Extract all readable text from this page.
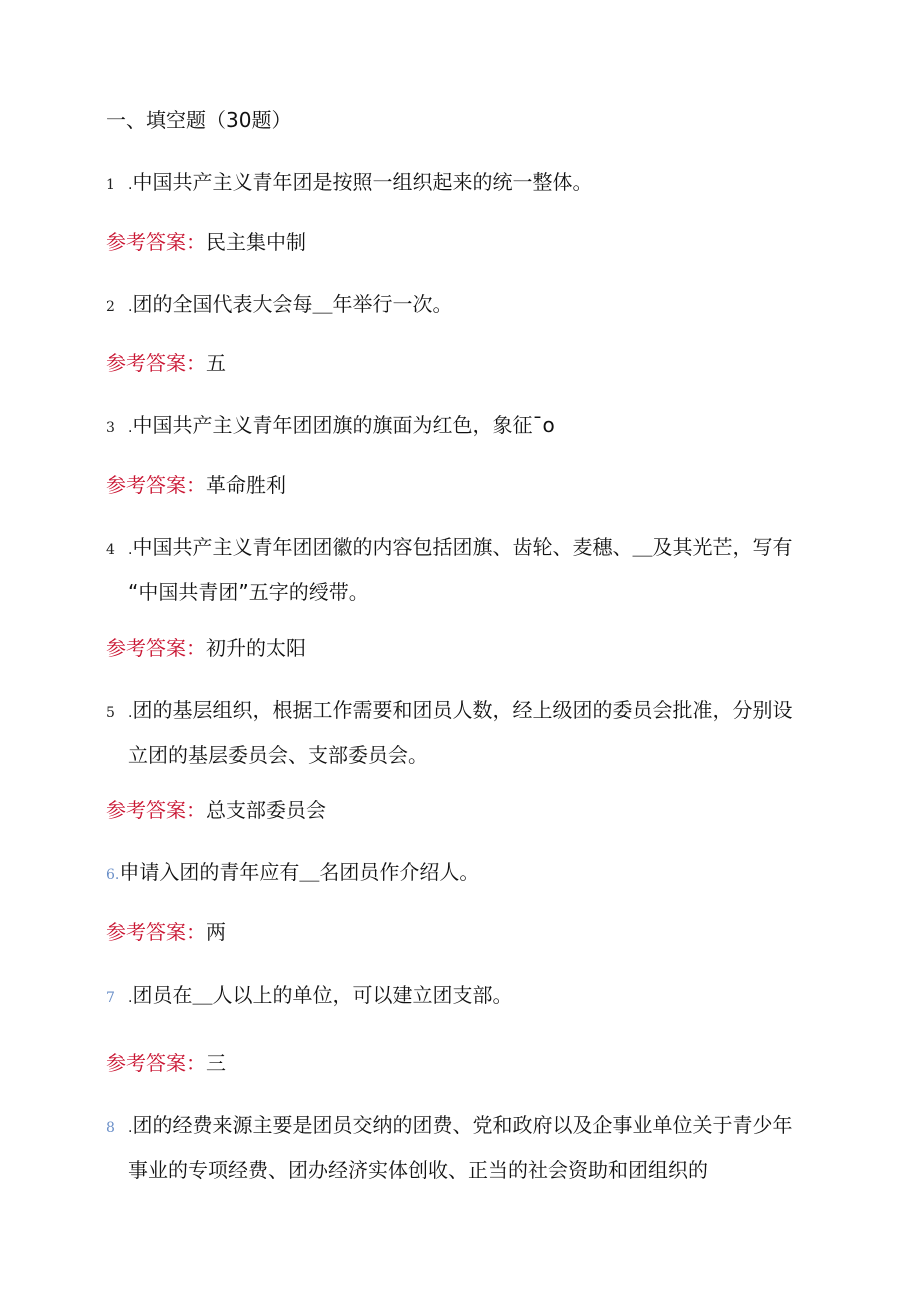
一、填空题（30题）
1 .中国共产主义青年团是按照一组织起来的统一整体。
参考答案：民主集中制
2 .团的全国代表大会每＿年举行一次。
参考答案：五
3 .中国共产主义青年团团旗的旗面为红色，象征ˉo
参考答案：革命胜利
4 .中国共产主义青年团团徽的内容包括团旗、齿轮、麦穗、＿及其光芒，写有
“中国共青团”五字的绶带。
参考答案：初升的太阳
5 .团的基层组织，根据工作需要和团员人数，经上级团的委员会批准，分别设
立团的基层委员会、支部委员会。
参考答案：总支部委员会
6.申请入团的青年应有＿名团员作介绍人。
参考答案：两
7 .团员在＿人以上的单位，可以建立团支部。
参考答案：三
8 .团的经费来源主要是团员交纳的团费、党和政府以及企事业单位关于青少年
事业的专项经费、团办经济实体创收、正当的社会资助和团组织的
